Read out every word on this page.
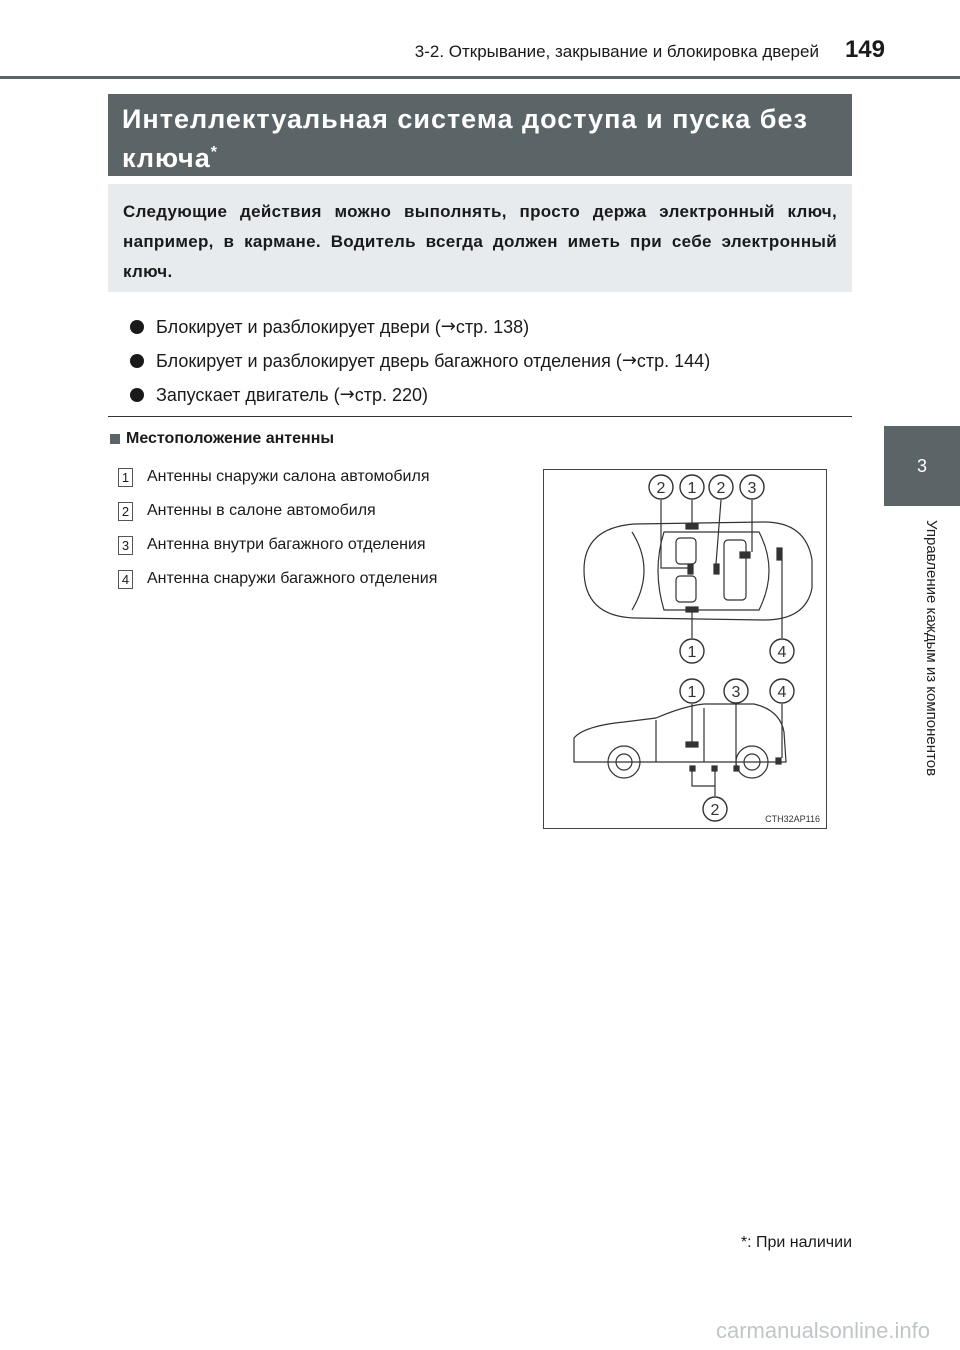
3-2. Открывание, закрывание и блокировка дверей 149
3
Управление каждым из компонентов
Интеллектуальная система доступа и пуска без ключа*
Следующие действия можно выполнять, просто держа электронный ключ, например, в кармане. Водитель всегда должен иметь при себе электронный ключ.
Блокирует и разблокирует двери ( → стр. 138)
Блокирует и разблокирует дверь багажного отделения ( → стр. 144)
Запускает двигатель ( → стр. 220)
Местоположение антенны
1 Антенны снаружи салона автомобиля
2 Антенны в салоне автомобиля
3 Антенна внутри багажного отделения
4 Антенна снаружи багажного отделения
2 1 2 3
1	4
1 3 4
2	CTH32AP116
*: При наличии
carmanualsonline.info
